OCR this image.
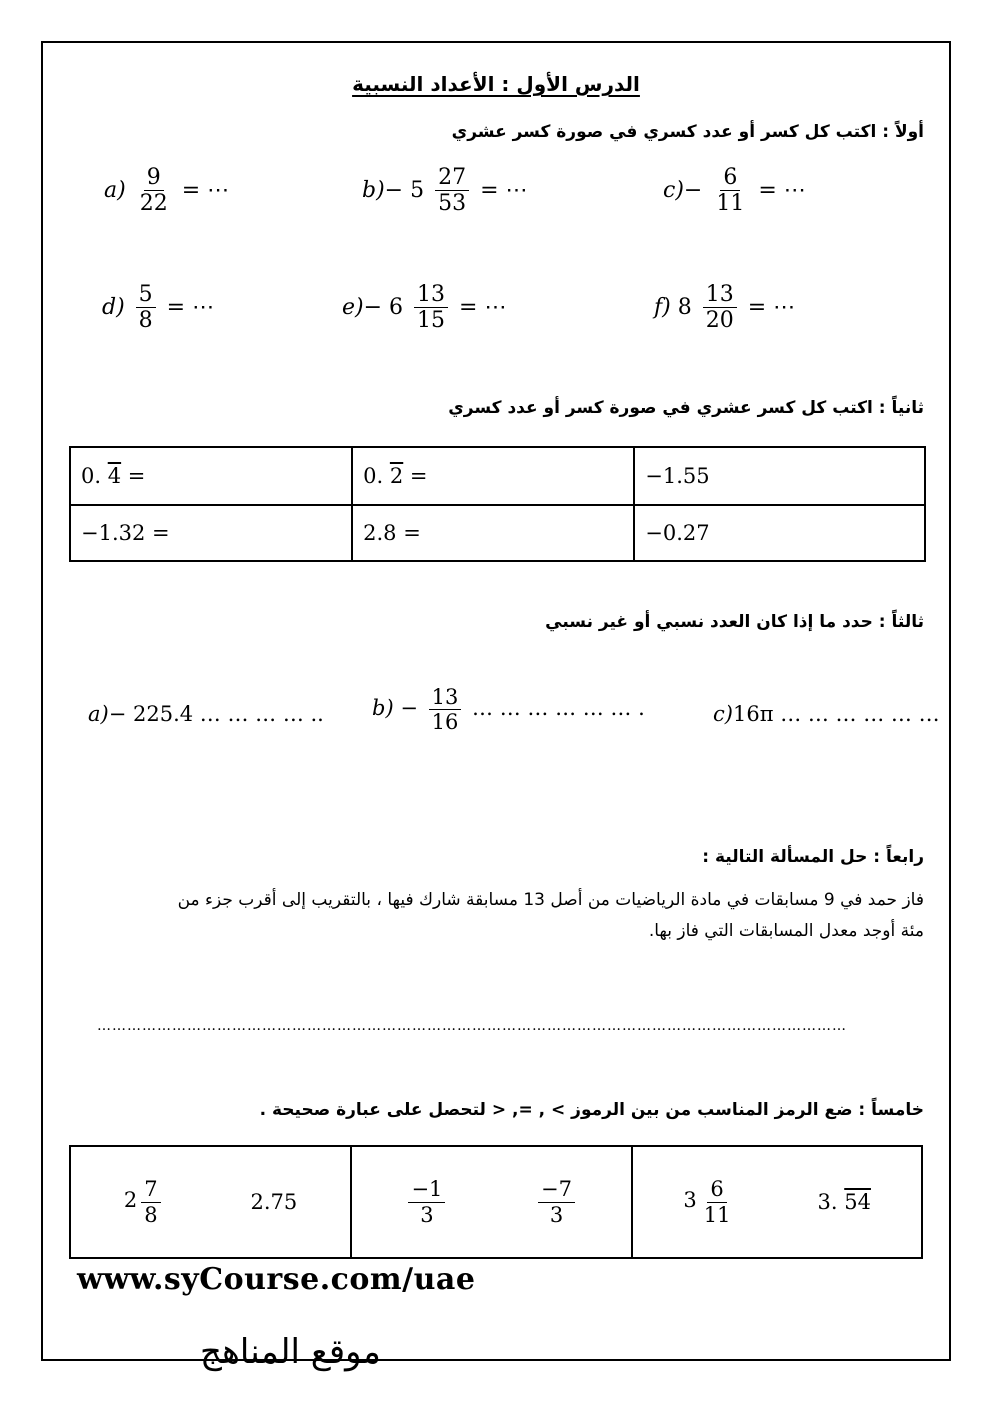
الدرس الأول : الأعداد النسبية
أولاً : اكتب كل كسر أو عدد كسري في صورة كسر عشري
$a) \frac{9}{22}$ = ⋯	$b)- 5 \frac{27}{53}$ = ⋯	$c)- \frac{6}{11}$ = ⋯
$d) \frac{5}{8}$ = ⋯	$e)- 6 \frac{13}{15}$ = ⋯	f) $8 \frac{13}{20}$ = ⋯
ثانياً : اكتب كل كسر عشري في صورة كسر أو عدد كسري
0. 4 =	0. 2 =	−1.55
−1.32 =	2.8 =	−0.27
ثالثاً : حدد ما إذا كان العدد نسبي أو غير نسبي
a)− 225.4 … … … … .. $b) - \frac{13}{16}$ … … … … … … .	c)16π … … … … … …
رابعاً : حل المسألة التالية :
فاز حمد في 9 مسابقات في مادة الرياضيات من أصل 13 مسابقة شارك فيها ، بالتقريب إلى أقرب جزء من
مئة أوجد معدل المسابقات التي فاز بها.
……………………………………………………………………………………………………………………………………
خامساً : ضع الرمز المناسب من بين الرموز > , =, < لتحصل على عبارة صحيحة .
$2 \frac{7}{8}$	2.75	$\frac{-1}{3}$	$\frac{-7}{3}$	$3 \frac{6}{11}$	3. 54
www.syCourse.com/uae
موقع المناهج
